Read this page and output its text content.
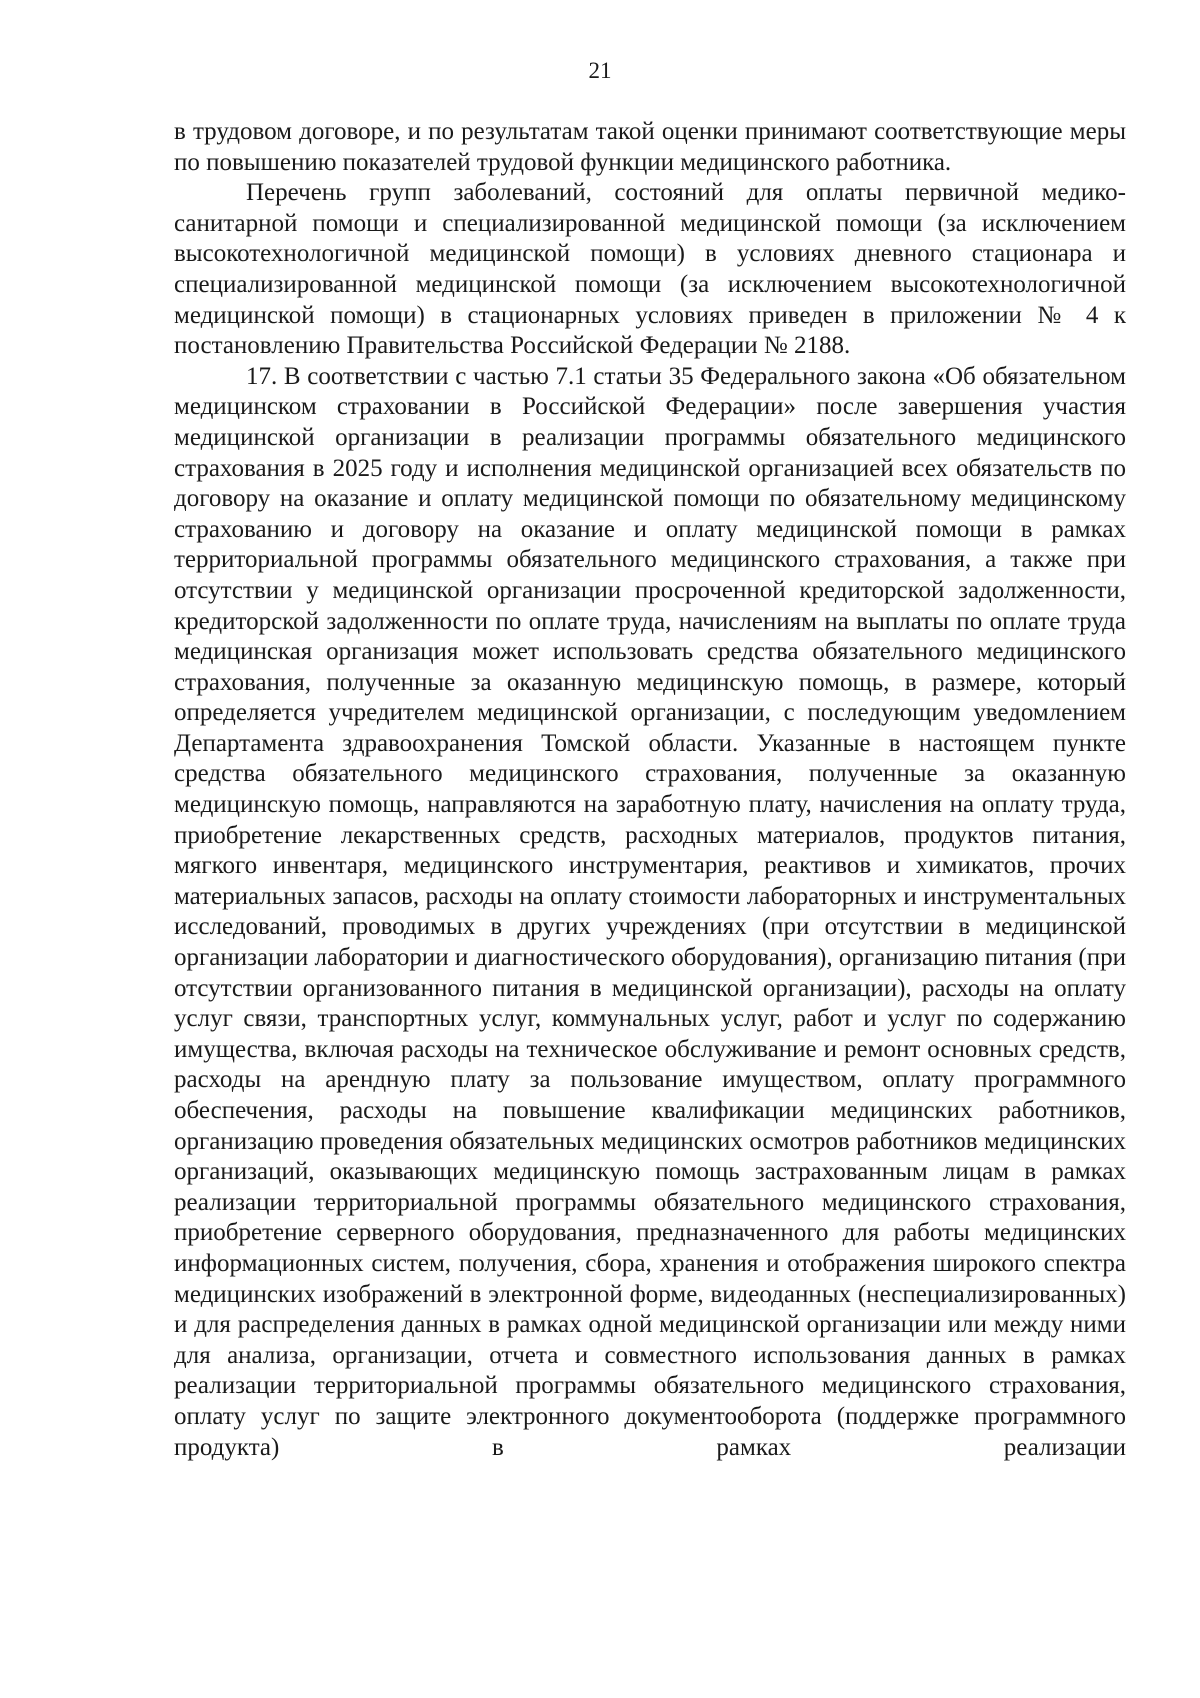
21

в трудовом договоре, и по результатам такой оценки принимают соответствующие меры по повышению показателей трудовой функции медицинского работника.

Перечень групп заболеваний, состояний для оплаты первичной медико-санитарной помощи и специализированной медицинской помощи (за исключением высокотехнологичной медицинской помощи) в условиях дневного стационара и специализированной медицинской помощи (за исключением высокотехнологичной медицинской помощи) в стационарных условиях приведен в приложении № 4 к постановлению Правительства Российской Федерации № 2188.

17. В соответствии с частью 7.1 статьи 35 Федерального закона «Об обязательном медицинском страховании в Российской Федерации» после завершения участия медицинской организации в реализации программы обязательного медицинского страхования в 2025 году и исполнения медицинской организацией всех обязательств по договору на оказание и оплату медицинской помощи по обязательному медицинскому страхованию и договору на оказание и оплату медицинской помощи в рамках территориальной программы обязательного медицинского страхования, а также при отсутствии у медицинской организации просроченной кредиторской задолженности, кредиторской задолженности по оплате труда, начислениям на выплаты по оплате труда медицинская организация может использовать средства обязательного медицинского страхования, полученные за оказанную медицинскую помощь, в размере, который определяется учредителем медицинской организации, с последующим уведомлением Департамента здравоохранения Томской области. Указанные в настоящем пункте средства обязательного медицинского страхования, полученные за оказанную медицинскую помощь, направляются на заработную плату, начисления на оплату труда, приобретение лекарственных средств, расходных материалов, продуктов питания, мягкого инвентаря, медицинского инструментария, реактивов и химикатов, прочих материальных запасов, расходы на оплату стоимости лабораторных и инструментальных исследований, проводимых в других учреждениях (при отсутствии в медицинской организации лаборатории и диагностического оборудования), организацию питания (при отсутствии организованного питания в медицинской организации), расходы на оплату услуг связи, транспортных услуг, коммунальных услуг, работ и услуг по содержанию имущества, включая расходы на техническое обслуживание и ремонт основных средств, расходы на арендную плату за пользование имуществом, оплату программного обеспечения, расходы на повышение квалификации медицинских работников, организацию проведения обязательных медицинских осмотров работников медицинских организаций, оказывающих медицинскую помощь застрахованным лицам в рамках реализации территориальной программы обязательного медицинского страхования, приобретение серверного оборудования, предназначенного для работы медицинских информационных систем, получения, сбора, хранения и отображения широкого спектра медицинских изображений в электронной форме, видеоданных (неспециализированных) и для распределения данных в рамках одной медицинской организации или между ними для анализа, организации, отчета и совместного использования данных в рамках реализации территориальной программы обязательного медицинского страхования, оплату услуг по защите электронного документооборота (поддержке программного продукта) в рамках реализации
